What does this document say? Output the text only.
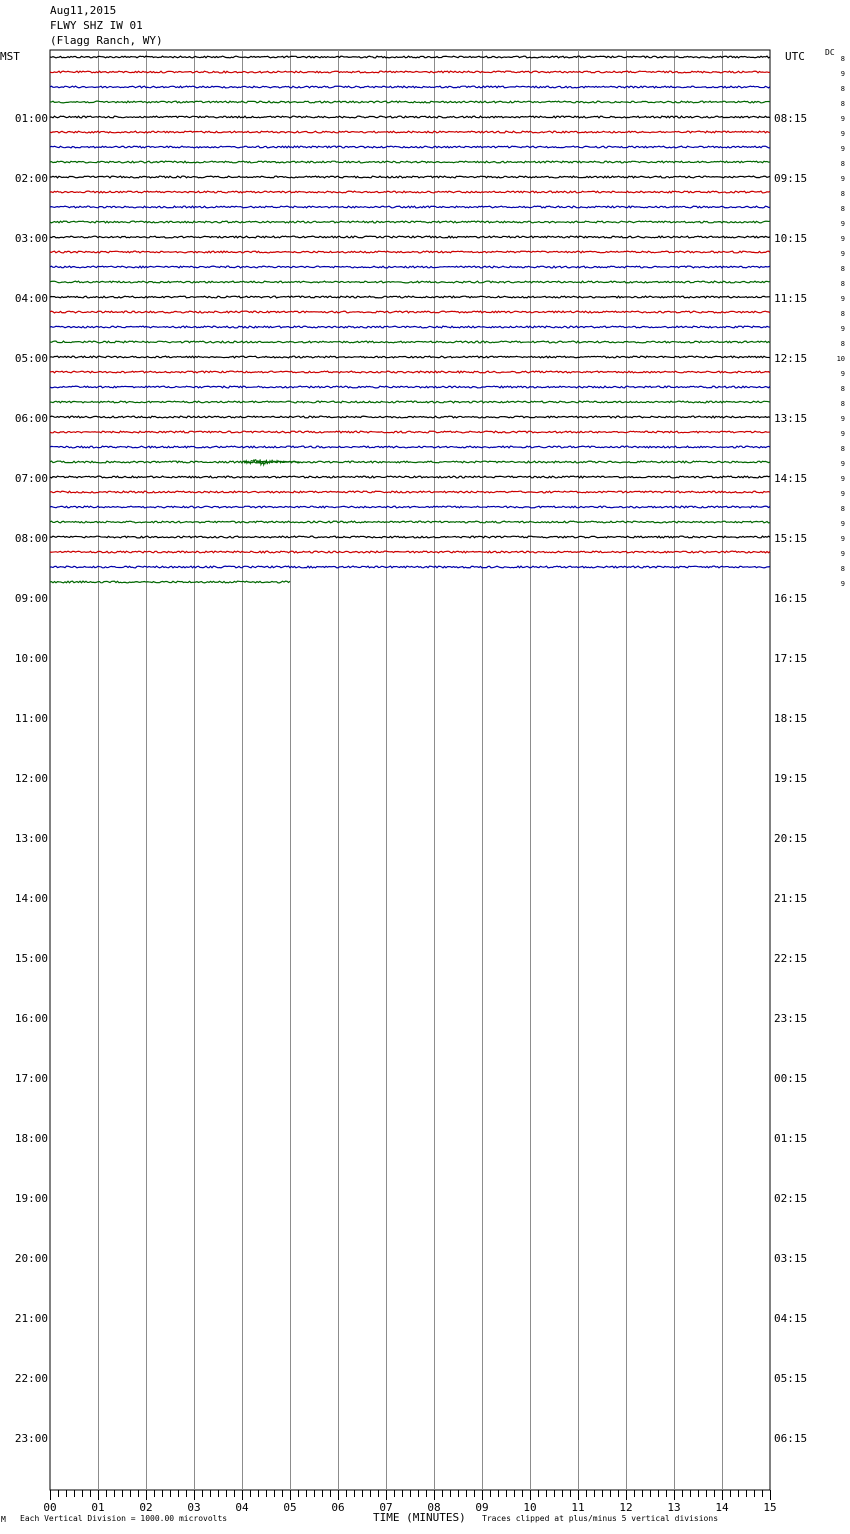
Aug11,2015
FLWY SHZ IW 01
(Flagg Ranch, WY)
MST	UTC	DC
M Each Vertical Division = 1000.00 microvolts	TIME (MINUTES) Traces clipped at plus/minus 5 vertical divisions
8
9
8
8
9
9
9
8
9
8
8
9
9
9
8
8
9
8
9
8
10
9
8
8
9
9
8
9
9
9
8
9
9
9
8
9
01:00
02:00
03:00
04:00
05:00
06:00
07:00
08:00
09:00
10:00
11:00
12:00
13:00
14:00
15:00
16:00
17:00
18:00
19:00
20:00
21:00
22:00
23:00
08:15
09:15
10:15
11:15
12:15
13:15
14:15
15:15
16:15
17:15
18:15
19:15
20:15
21:15
22:15
23:15
00:15
01:15
02:15
03:15
04:15
05:15
06:15
00	01	02	03	04	05	06	07	08	09	10	11	12	13	14	15
